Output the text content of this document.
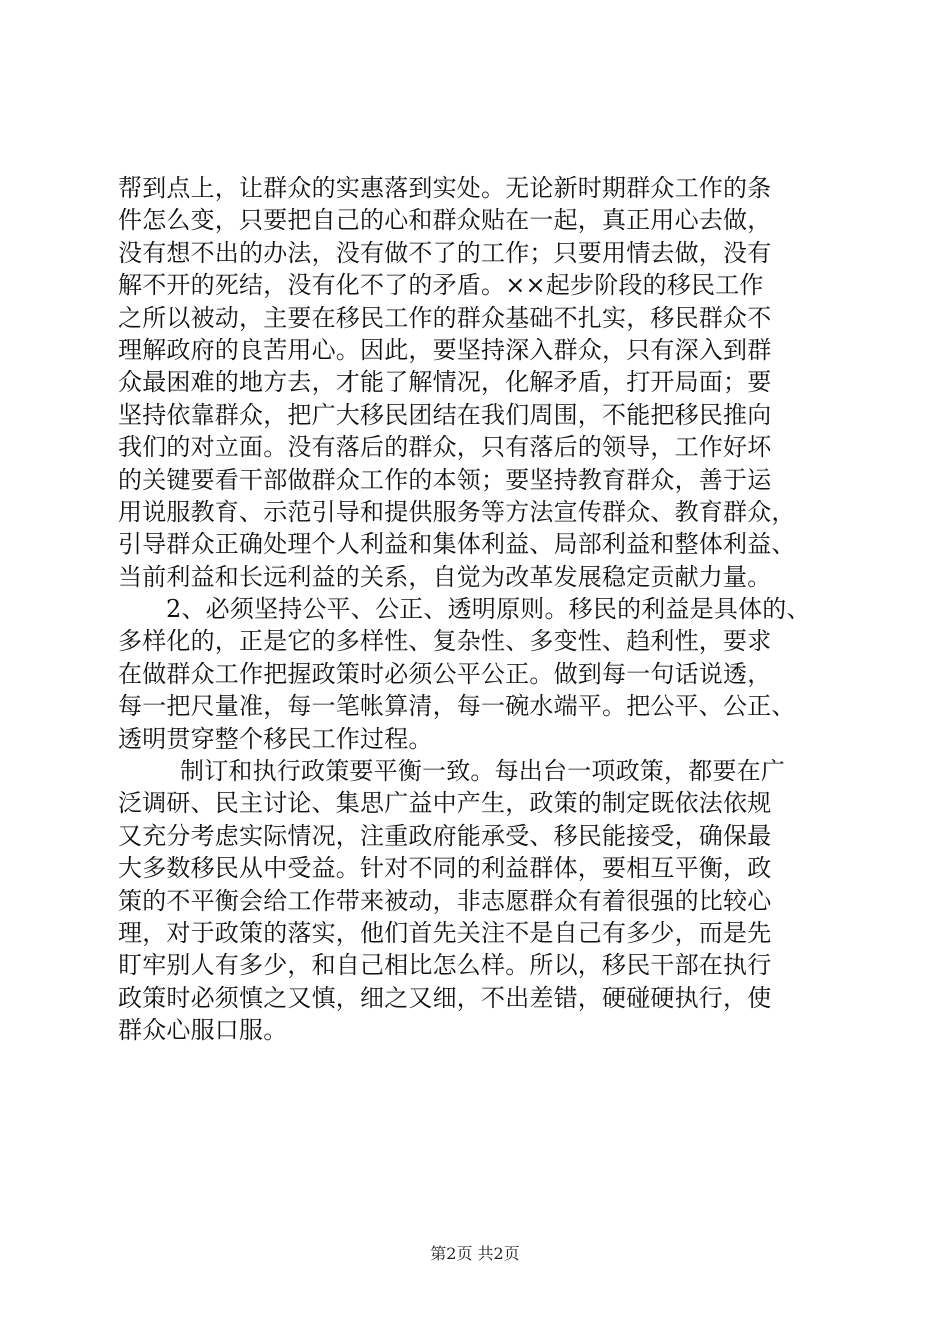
帮到点上，让群众的实惠落到实处。无论新时期群众工作的条
件怎么变，只要把自己的心和群众贴在一起，真正用心去做，
没有想不出的办法，没有做不了的工作；只要用情去做，没有
解不开的死结，没有化不了的矛盾。××起步阶段的移民工作
之所以被动，主要在移民工作的群众基础不扎实，移民群众不
理解政府的良苦用心。因此，要坚持深入群众，只有深入到群
众最困难的地方去，才能了解情况，化解矛盾，打开局面；要
坚持依靠群众，把广大移民团结在我们周围，不能把移民推向
我们的对立面。没有落后的群众，只有落后的领导，工作好坏
的关键要看干部做群众工作的本领；要坚持教育群众，善于运
用说服教育、示范引导和提供服务等方法宣传群众、教育群众，
引导群众正确处理个人利益和集体利益、局部利益和整体利益、
当前利益和长远利益的关系，自觉为改革发展稳定贡献力量。
2、必须坚持公平、公正、透明原则。移民的利益是具体的、
多样化的，正是它的多样性、复杂性、多变性、趋利性，要求
在做群众工作把握政策时必须公平公正。做到每一句话说透，
每一把尺量准，每一笔帐算清，每一碗水端平。把公平、公正、
透明贯穿整个移民工作过程。
制订和执行政策要平衡一致。每出台一项政策，都要在广
泛调研、民主讨论、集思广益中产生，政策的制定既依法依规
又充分考虑实际情况，注重政府能承受、移民能接受，确保最
大多数移民从中受益。针对不同的利益群体，要相互平衡，政
策的不平衡会给工作带来被动，非志愿群众有着很强的比较心
理，对于政策的落实，他们首先关注不是自己有多少，而是先
盯牢别人有多少，和自己相比怎么样。所以，移民干部在执行
政策时必须慎之又慎，细之又细，不出差错，硬碰硬执行，使
群众心服口服。
第2页 共2页
